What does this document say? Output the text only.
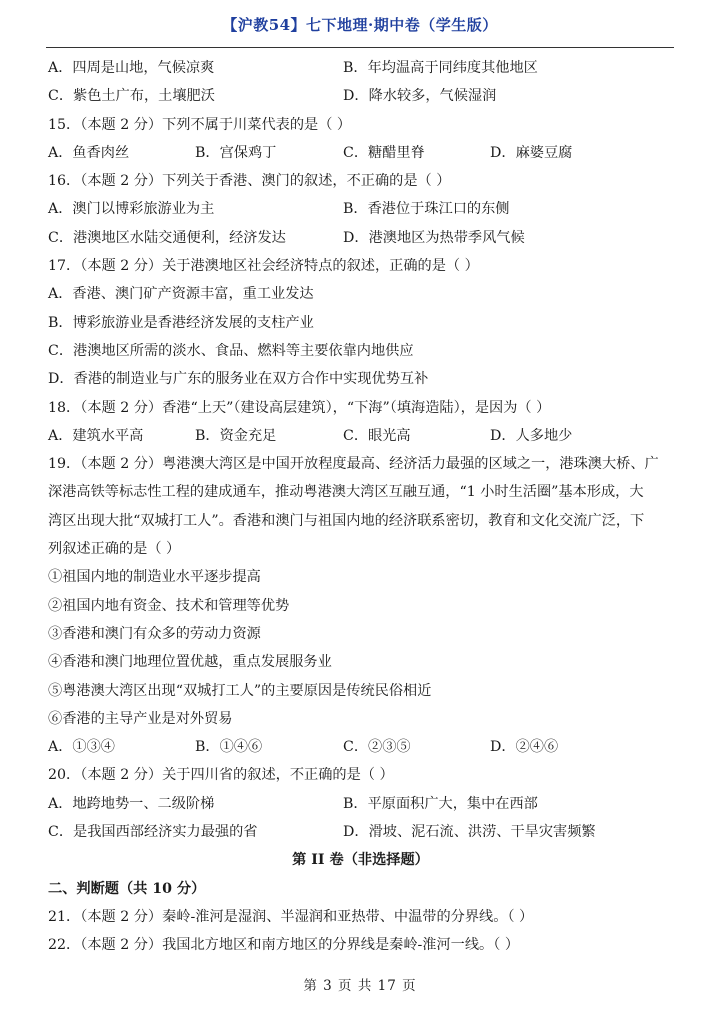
【沪教54】七下地理·期中卷（学生版）
A．四周是山地，气候凉爽	B．年均温高于同纬度其他地区
C．紫色土广布，土壤肥沃	D．降水较多，气候湿润
15．（本题 2 分）下列不属于川菜代表的是（ ）
A．鱼香肉丝	B．宫保鸡丁	C．糖醋里脊	D．麻婆豆腐
16．（本题 2 分）下列关于香港、澳门的叙述，不正确的是（ ）
A．澳门以博彩旅游业为主	B．香港位于珠江口的东侧
C．港澳地区水陆交通便利，经济发达	D．港澳地区为热带季风气候
17．（本题 2 分）关于港澳地区社会经济特点的叙述，正确的是（ ）
A．香港、澳门矿产资源丰富，重工业发达
B．博彩旅游业是香港经济发展的支柱产业
C．港澳地区所需的淡水、食品、燃料等主要依靠内地供应
D．香港的制造业与广东的服务业在双方合作中实现优势互补
18．（本题 2 分）香港“上天”（建设高层建筑），“下海”（填海造陆），是因为（ ）
A．建筑水平高	B．资金充足	C．眼光高	D．人多地少
19．（本题 2 分）粤港澳大湾区是中国开放程度最高、经济活力最强的区域之一，港珠澳大桥、广
深港高铁等标志性工程的建成通车，推动粤港澳大湾区互融互通，“1 小时生活圈”基本形成，大
湾区出现大批“双城打工人”。香港和澳门与祖国内地的经济联系密切，教育和文化交流广泛，下
列叙述正确的是（ ）
①祖国内地的制造业水平逐步提高
②祖国内地有资金、技术和管理等优势
③香港和澳门有众多的劳动力资源
④香港和澳门地理位置优越，重点发展服务业
⑤粤港澳大湾区出现“双城打工人”的主要原因是传统民俗相近
⑥香港的主导产业是对外贸易
A．①③④	B．①④⑥	C．②③⑤	D．②④⑥
20．（本题 2 分）关于四川省的叙述，不正确的是（ ）
A．地跨地势一、二级阶梯	B．平原面积广大，集中在西部
C．是我国西部经济实力最强的省	D．滑坡、泥石流、洪涝、干旱灾害频繁
第 II 卷（非选择题）
二、判断题（共 10 分）
21．（本题 2 分）秦岭-淮河是湿润、半湿润和亚热带、中温带的分界线。（ ）
22．（本题 2 分）我国北方地区和南方地区的分界线是秦岭-淮河一线。（ ）
第 3 页 共 17 页
